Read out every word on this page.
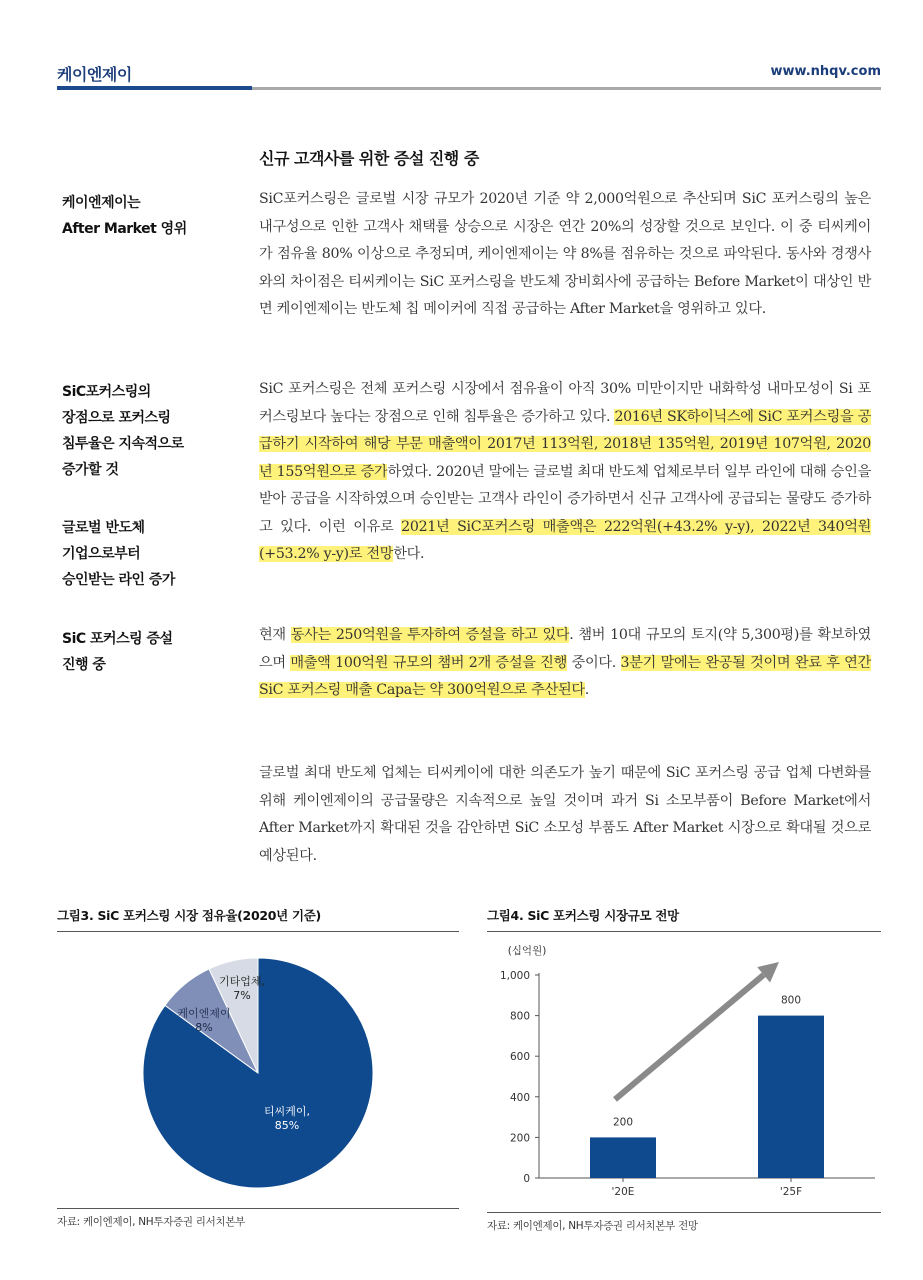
케이엔제이	www.nhqv.com
신규 고객사를 위한 증설 진행 중
케이엔제이는
After Market 영위
SiC포커스링의
장점으로 포커스링
침투율은 지속적으로
증가할 것
글로벌 반도체
기업으로부터
승인받는 라인 증가
SiC 포커스링 증설
진행 중
SiC포커스링은 글로벌 시장 규모가 2020년 기준 약 2,000억원으로 추산되며 SiC 포커스링의 높은 내구성으로 인한 고객사 채택률 상승으로 시장은 연간 20%의 성장할 것으로 보인다. 이 중 티씨케이가 점유율 80% 이상으로 추정되며, 케이엔제이는 약 8%를 점유하는 것으로 파악된다. 동사와 경쟁사와의 차이점은 티씨케이는 SiC 포커스링을 반도체 장비회사에 공급하는 Before Market이 대상인 반면 케이엔제이는 반도체 칩 메이커에 직접 공급하는 After Market을 영위하고 있다.
SiC 포커스링은 전체 포커스링 시장에서 점유율이 아직 30% 미만이지만 내화학성 내마모성이 Si 포커스링보다 높다는 장점으로 인해 침투율은 증가하고 있다. 2016년 SK하이닉스에 SiC 포커스링을 공급하기 시작하여 해당 부문 매출액이 2017년 113억원, 2018년 135억원, 2019년 107억원, 2020년 155억원으로 증가하였다. 2020년 말에는 글로벌 최대 반도체 업체로부터 일부 라인에 대해 승인을 받아 공급을 시작하였으며 승인받는 고객사 라인이 증가하면서 신규 고객사에 공급되는 물량도 증가하고 있다. 이런 이유로 2021년 SiC포커스링 매출액은 222억원(+43.2% y-y), 2022년 340억원(+53.2% y-y)로 전망한다.
현재 동사는 250억원을 투자하여 증설을 하고 있다. 챔버 10대 규모의 토지(약 5,300평)를 확보하였으며 매출액 100억원 규모의 챔버 2개 증설을 진행 중이다. 3분기 말에는 완공될 것이며 완료 후 연간 SiC 포커스링 매출 Capa는 약 300억원으로 추산된다.
글로벌 최대 반도체 업체는 티씨케이에 대한 의존도가 높기 때문에 SiC 포커스링 공급 업체 다변화를 위해 케이엔제이의 공급물량은 지속적으로 높일 것이며 과거 Si 소모부품이 Before Market에서 After Market까지 확대된 것을 감안하면 SiC 소모성 부품도 After Market 시장으로 확대될 것으로 예상된다.
그림3. SiC 포커스링 시장 점유율(2020년 기준)
티씨케이,
85%
케이엔제이
8%
기타업체,
7%
자료: 케이엔제이, NH투자증권 리서치본부
그림4. SiC 포커스링 시장규모 전망
(십억원)
0
200
400
600
800
1,000
200
'20E
800
'25F
자료: 케이엔제이, NH투자증권 리서치본부 전망
